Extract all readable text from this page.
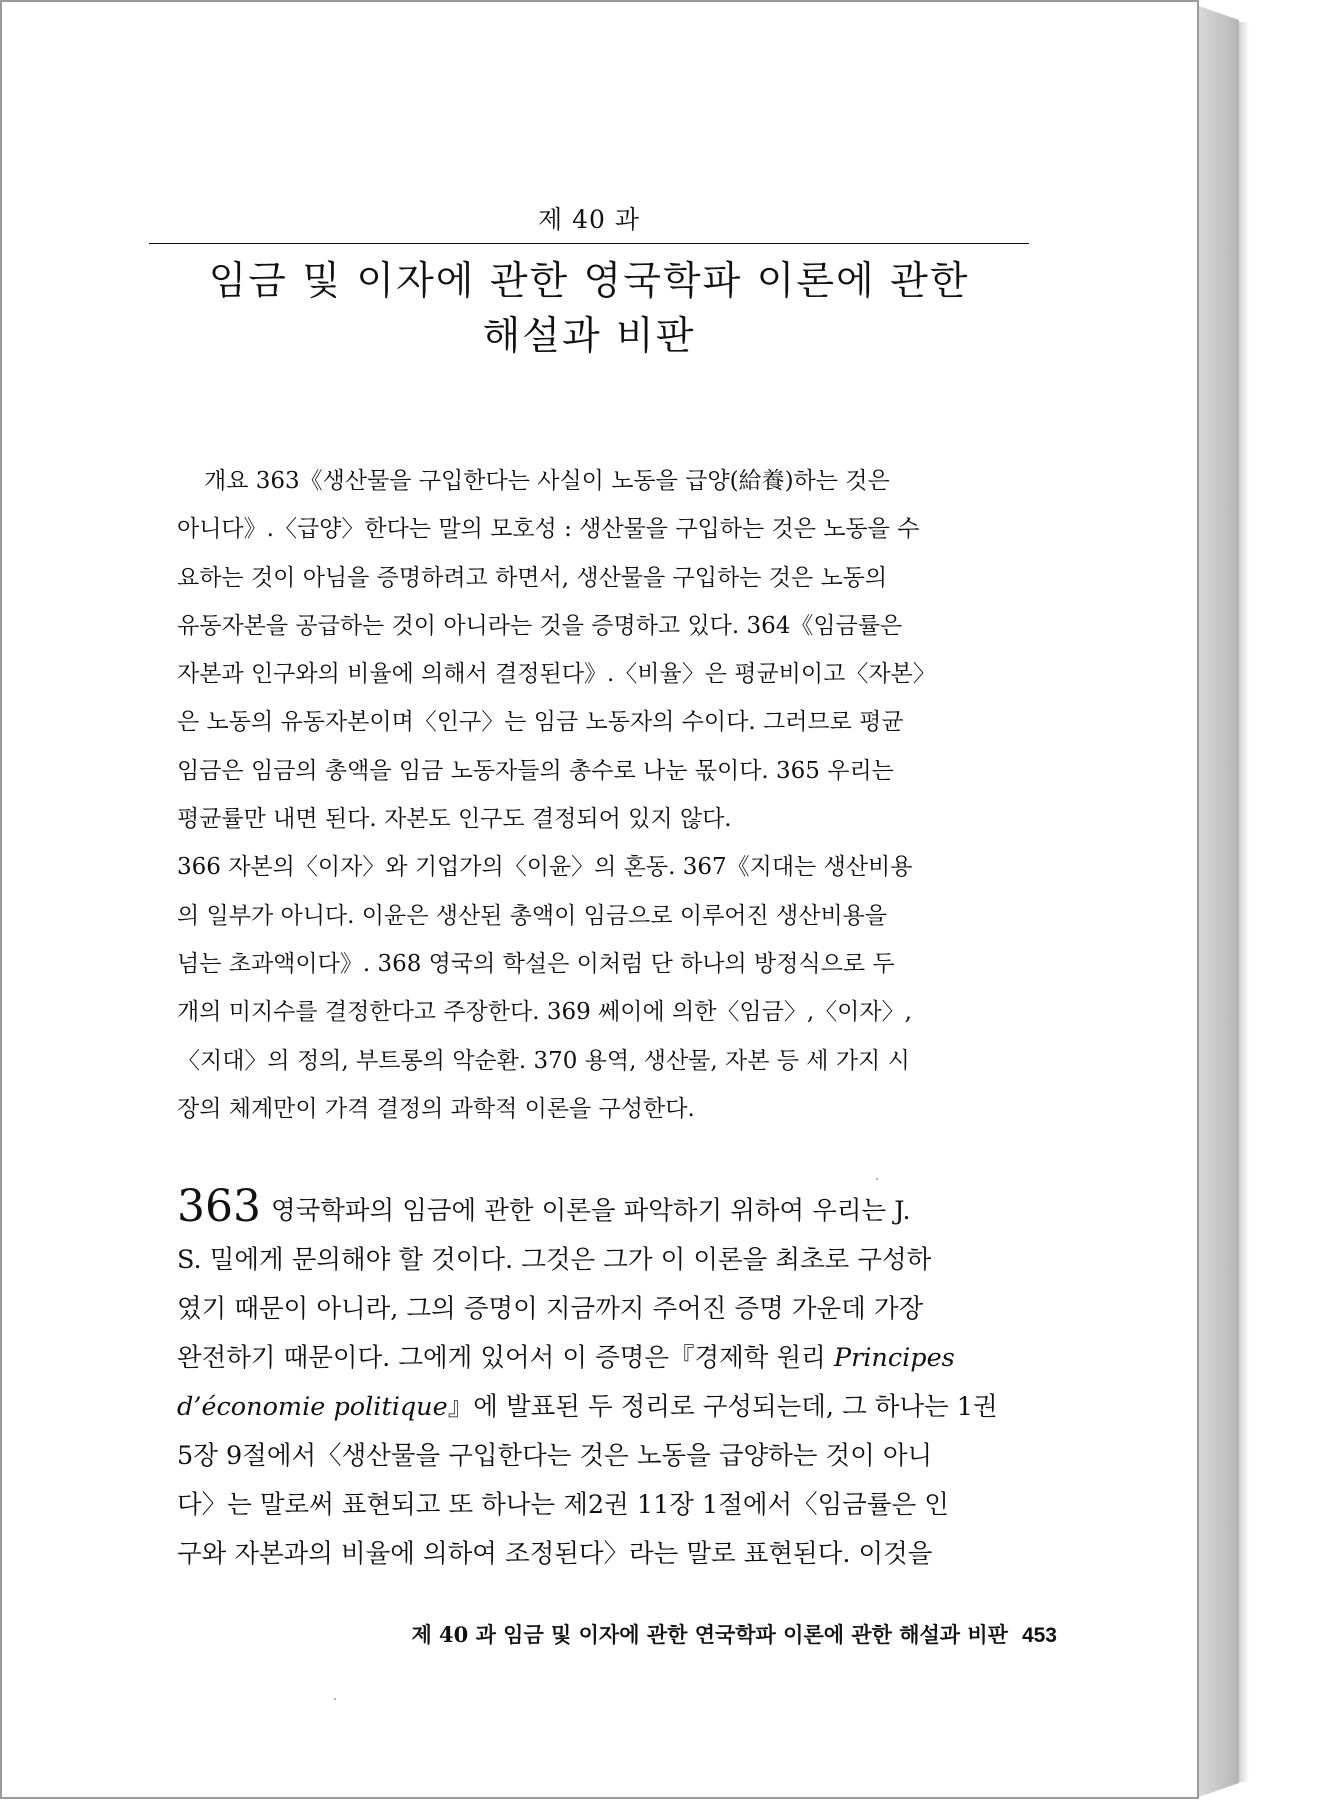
제 40 과
임금 및 이자에 관한 영국학파 이론에 관한
해설과 비판
개요 363《생산물을 구입한다는 사실이 노동을 급양(給養)하는 것은
아니다》.〈급양〉한다는 말의 모호성 : 생산물을 구입하는 것은 노동을 수
요하는 것이 아님을 증명하려고 하면서, 생산물을 구입하는 것은 노동의
유동자본을 공급하는 것이 아니라는 것을 증명하고 있다. 364《임금률은
자본과 인구와의 비율에 의해서 결정된다》.〈비율〉은 평균비이고〈자본〉
은 노동의 유동자본이며〈인구〉는 임금 노동자의 수이다. 그러므로 평균
임금은 임금의 총액을 임금 노동자들의 총수로 나눈 몫이다. 365 우리는
평균률만 내면 된다. 자본도 인구도 결정되어 있지 않다.
366 자본의〈이자〉와 기업가의〈이윤〉의 혼동. 367《지대는 생산비용
의 일부가 아니다. 이윤은 생산된 총액이 임금으로 이루어진 생산비용을
넘는 초과액이다》. 368 영국의 학설은 이처럼 단 하나의 방정식으로 두
개의 미지수를 결정한다고 주장한다. 369 쎄이에 의한〈임금〉,〈이자〉,
〈지대〉의 정의, 부트롱의 악순환. 370 용역, 생산물, 자본 등 세 가지 시
장의 체계만이 가격 결정의 과학적 이론을 구성한다.
363 영국학파의 임금에 관한 이론을 파악하기 위하여 우리는 J.
S. 밀에게 문의해야 할 것이다. 그것은 그가 이 이론을 최초로 구성하
였기 때문이 아니라, 그의 증명이 지금까지 주어진 증명 가운데 가장
완전하기 때문이다. 그에게 있어서 이 증명은『경제학 원리 Principes
d’économie politique』에 발표된 두 정리로 구성되는데, 그 하나는 1권
5장 9절에서〈생산물을 구입한다는 것은 노동을 급양하는 것이 아니
다〉는 말로써 표현되고 또 하나는 제2권 11장 1절에서〈임금률은 인
구와 자본과의 비율에 의하여 조정된다〉라는 말로 표현된다. 이것을
제 40 과 임금 및 이자에 관한 연국학파 이론에 관한 해설과 비판 453
